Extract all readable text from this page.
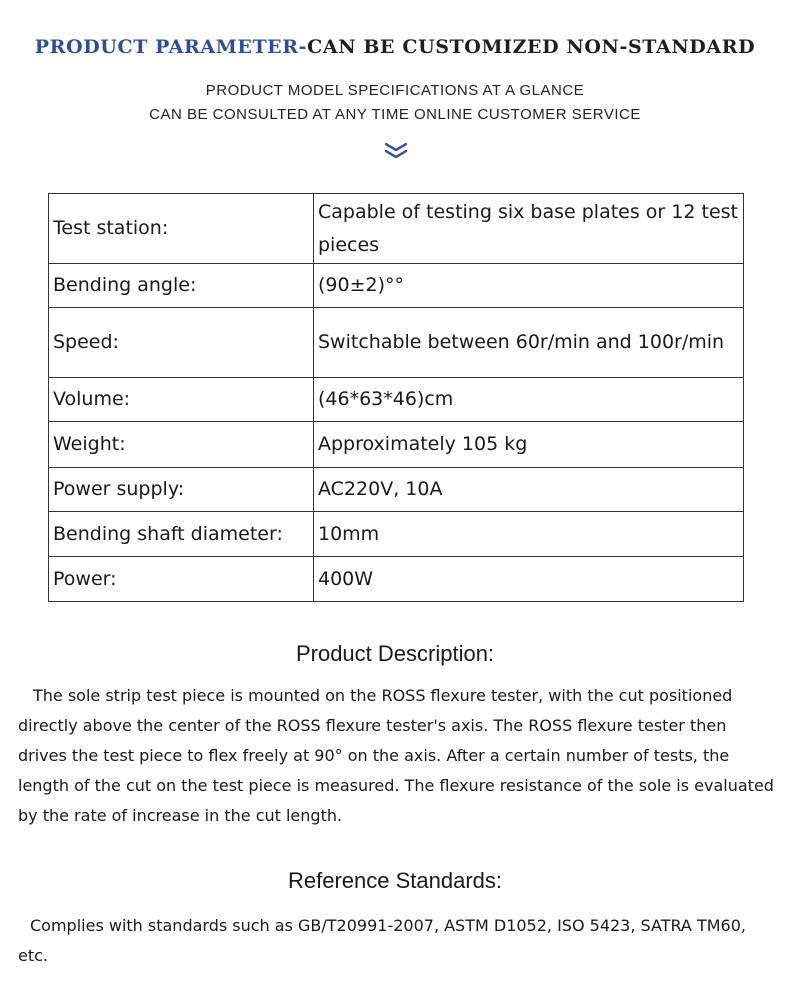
PRODUCT PARAMETER-CAN BE CUSTOMIZED NON-STANDARD
PRODUCT MODEL SPECIFICATIONS AT A GLANCE
CAN BE CONSULTED AT ANY TIME ONLINE CUSTOMER SERVICE
Test station:	Capable of testing six base plates or 12 test pieces
Bending angle:	(90±2)°°
Speed:	Switchable between 60r/min and 100r/min
Volume:	(46*63*46)cm
Weight:	Approximately 105 kg
Power supply:	AC220V, 10A
Bending shaft diameter:	10mm
Power:	400W
Product Description:

The sole strip test piece is mounted on the ROSS flexure tester, with the cut positioned directly above the center of the ROSS flexure tester's axis. The ROSS flexure tester then drives the test piece to flex freely at 90° on the axis. After a certain number of tests, the length of the cut on the test piece is measured. The flexure resistance of the sole is evaluated by the rate of increase in the cut length.

Reference Standards:

Complies with standards such as GB/T20991-2007, ASTM D1052, ISO 5423, SATRA TM60, etc.
